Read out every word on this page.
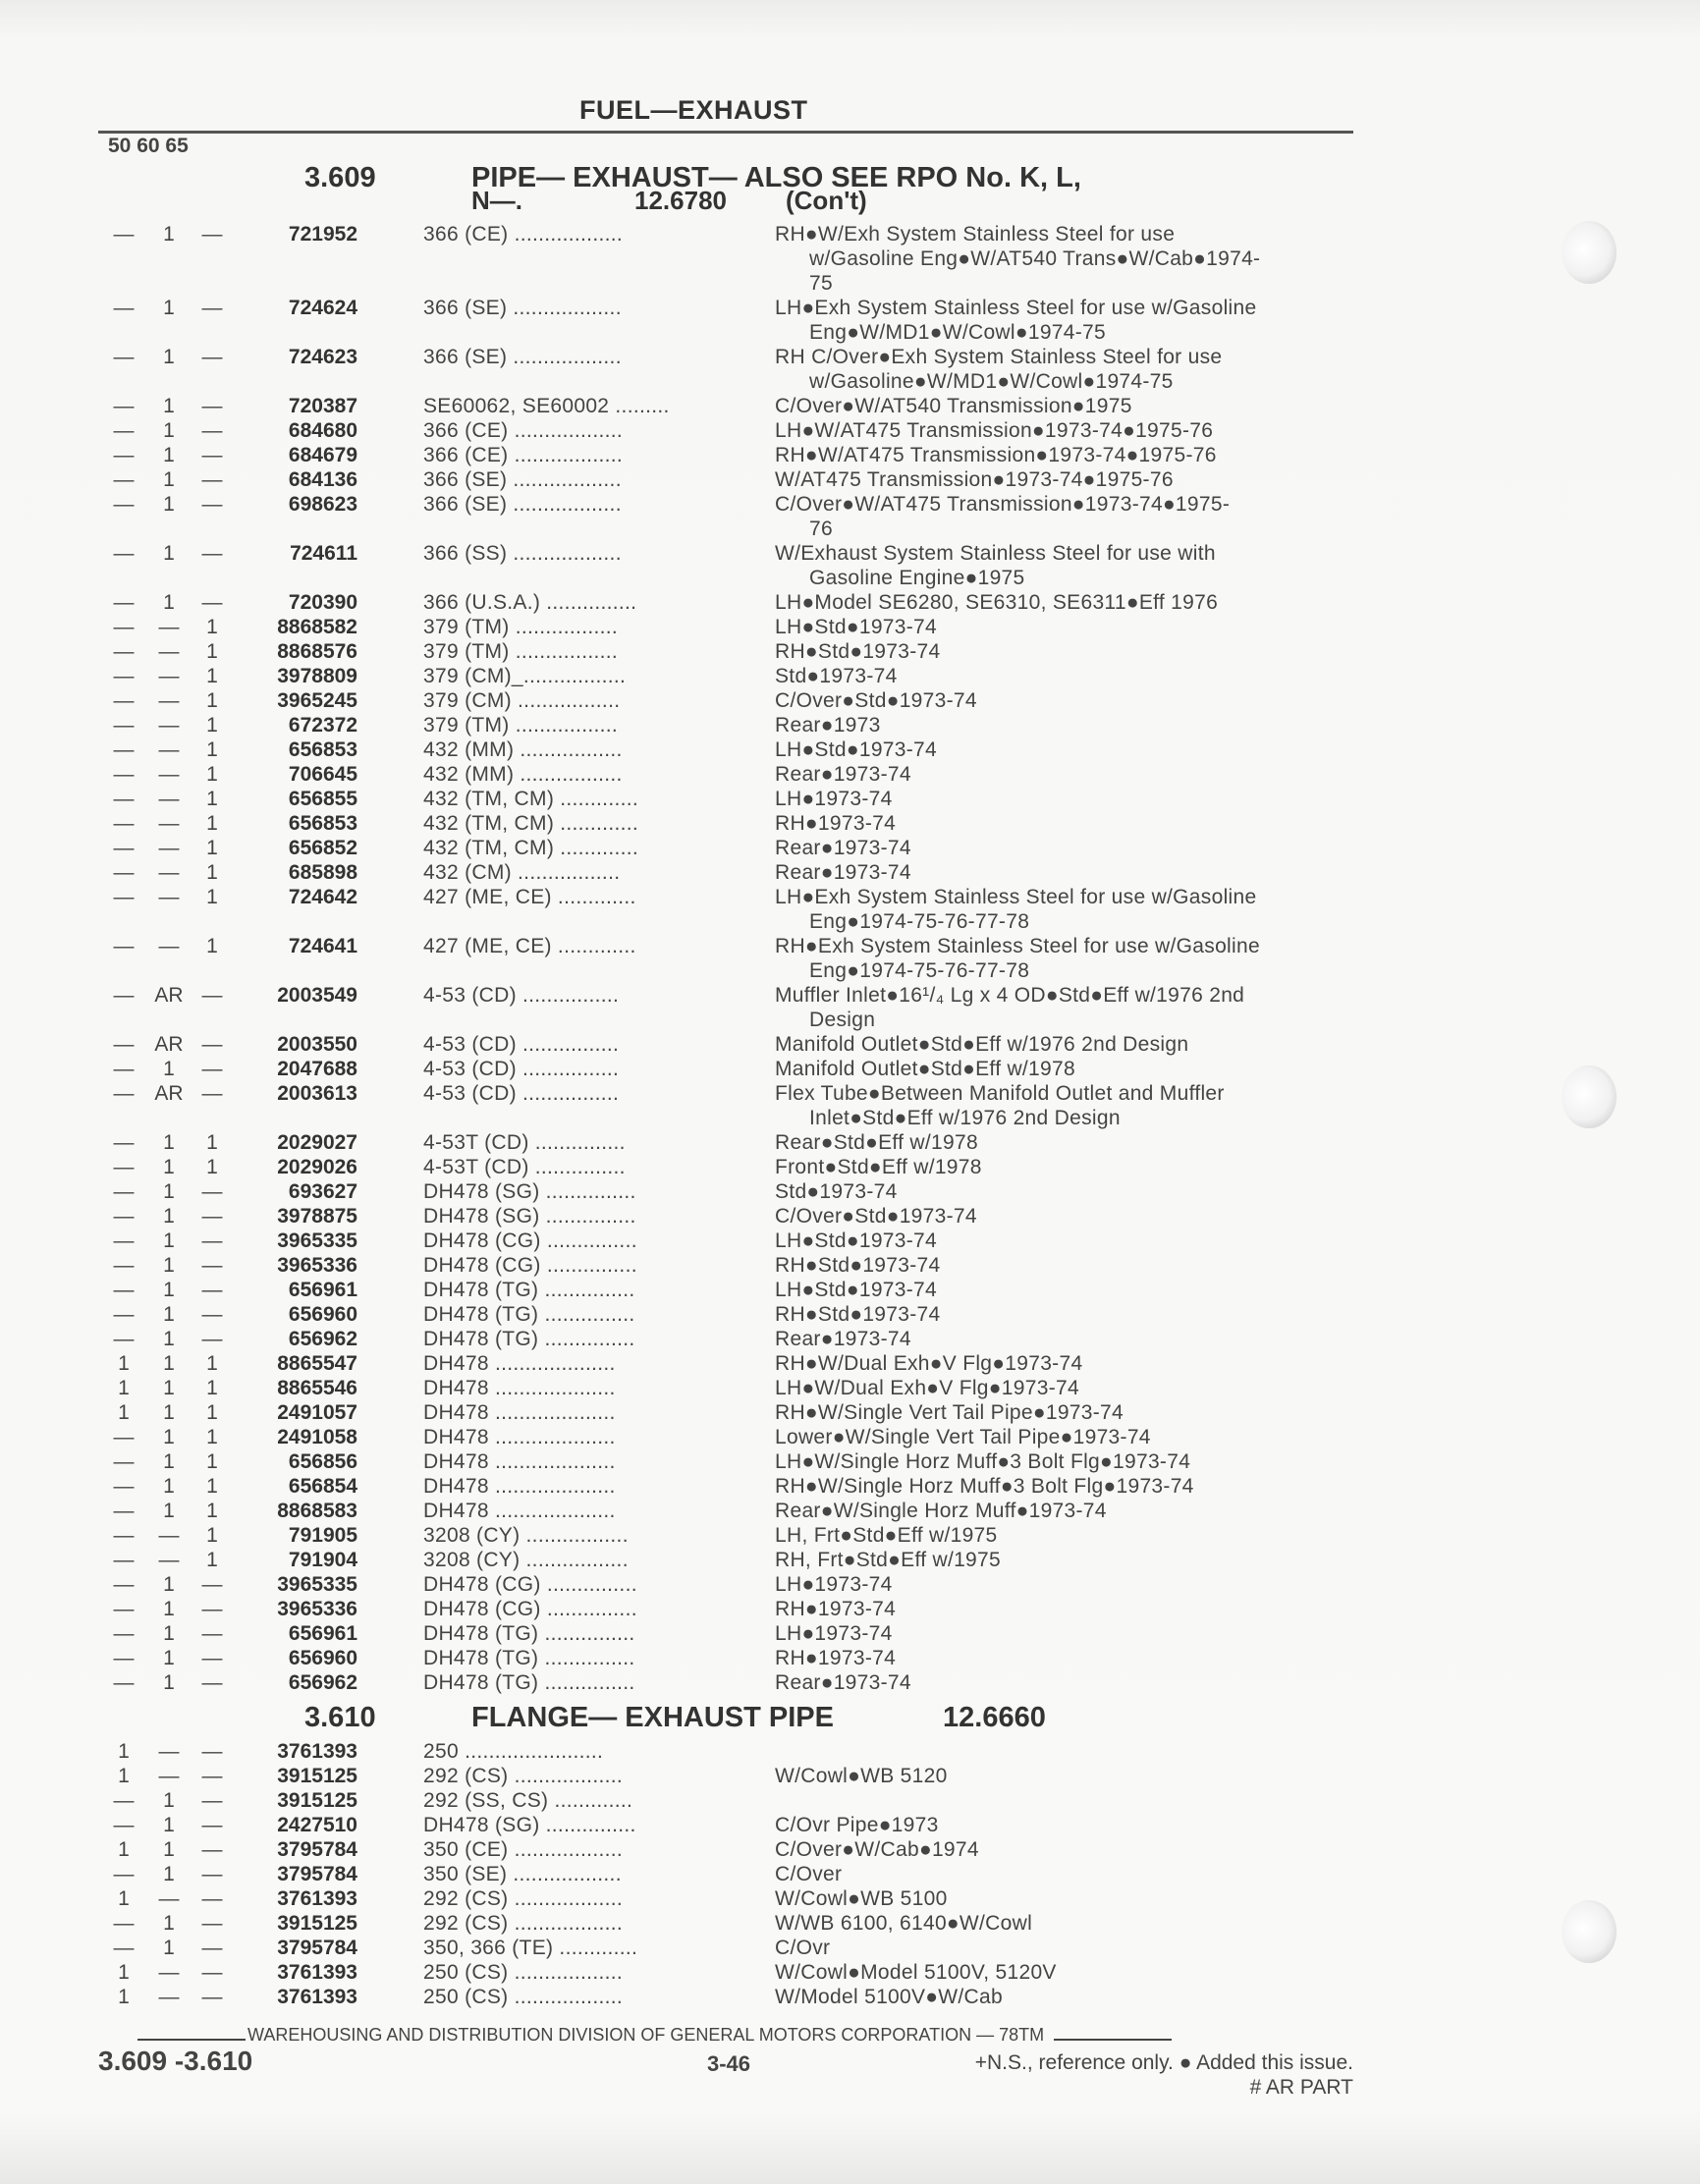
FUEL—EXHAUST
50 60 65
3.609	PIPE— EXHAUST— ALSO SEE RPO No. K, L,
N—.	12.6780 (Con't)
3.610	FLANGE— EXHAUST PIPE	12.6660
—	1	—	721952	366 (CE) ..................	RH●W/Exh System Stainless Steel for use
w/Gasoline Eng●W/AT540 Trans●W/Cab●1974-
75
—	1	—	724624	366 (SE) ..................	LH●Exh System Stainless Steel for use w/Gasoline
Eng●W/MD1●W/Cowl●1974-75
—	1	—	724623	366 (SE) ..................	RH C/Over●Exh System Stainless Steel for use
w/Gasoline●W/MD1●W/Cowl●1974-75
—	1	—	720387	SE60062, SE60002 .........	C/Over●W/AT540 Transmission●1975
—	1	—	684680	366 (CE) ..................	LH●W/AT475 Transmission●1973-74●1975-76
—	1	—	684679	366 (CE) ..................	RH●W/AT475 Transmission●1973-74●1975-76
—	1	—	684136	366 (SE) ..................	W/AT475 Transmission●1973-74●1975-76
—	1	—	698623	366 (SE) ..................	C/Over●W/AT475 Transmission●1973-74●1975-
76
—	1	—	724611	366 (SS) ..................	W/Exhaust System Stainless Steel for use with
Gasoline Engine●1975
—	1	—	720390	366 (U.S.A.) ...............	LH●Model SE6280, SE6310, SE6311●Eff 1976
—	—	1	8868582	379 (TM) .................	LH●Std●1973-74
—	—	1	8868576	379 (TM) .................	RH●Std●1973-74
—	—	1	3978809	379 (CM)_.................	Std●1973-74
—	—	1	3965245	379 (CM) .................	C/Over●Std●1973-74
—	—	1	672372	379 (TM) .................	Rear●1973
—	—	1	656853	432 (MM) .................	LH●Std●1973-74
—	—	1	706645	432 (MM) .................	Rear●1973-74
—	—	1	656855	432 (TM, CM) .............	LH●1973-74
—	—	1	656853	432 (TM, CM) .............	RH●1973-74
—	—	1	656852	432 (TM, CM) .............	Rear●1973-74
—	—	1	685898	432 (CM) .................	Rear●1973-74
—	—	1	724642	427 (ME, CE) .............	LH●Exh System Stainless Steel for use w/Gasoline
Eng●1974-75-76-77-78
—	—	1	724641	427 (ME, CE) .............	RH●Exh System Stainless Steel for use w/Gasoline
Eng●1974-75-76-77-78
— AR —	2003549	4-53 (CD) ................	Muffler Inlet●16¹/₄ Lg x 4 OD●Std●Eff w/1976 2nd
Design
— AR —	2003550	4-53 (CD) ................	Manifold Outlet●Std●Eff w/1976 2nd Design
—	1	—	2047688	4-53 (CD) ................	Manifold Outlet●Std●Eff w/1978
— AR —	2003613	4-53 (CD) ................	Flex Tube●Between Manifold Outlet and Muffler
Inlet●Std●Eff w/1976 2nd Design
—	1	1	2029027	4-53T (CD) ...............	Rear●Std●Eff w/1978
—	1	1	2029026	4-53T (CD) ...............	Front●Std●Eff w/1978
—	1	—	693627	DH478 (SG) ...............	Std●1973-74
—	1	—	3978875	DH478 (SG) ...............	C/Over●Std●1973-74
—	1	—	3965335	DH478 (CG) ...............	LH●Std●1973-74
—	1	—	3965336	DH478 (CG) ...............	RH●Std●1973-74
—	1	—	656961	DH478 (TG) ...............	LH●Std●1973-74
—	1	—	656960	DH478 (TG) ...............	RH●Std●1973-74
—	1	—	656962	DH478 (TG) ...............	Rear●1973-74
1	1	1	8865547	DH478 ....................	RH●W/Dual Exh●V Flg●1973-74
1	1	1	8865546	DH478 ....................	LH●W/Dual Exh●V Flg●1973-74
1	1	1	2491057	DH478 ....................	RH●W/Single Vert Tail Pipe●1973-74
—	1	1	2491058	DH478 ....................	Lower●W/Single Vert Tail Pipe●1973-74
—	1	1	656856	DH478 ....................	LH●W/Single Horz Muff●3 Bolt Flg●1973-74
—	1	1	656854	DH478 ....................	RH●W/Single Horz Muff●3 Bolt Flg●1973-74
—	1	1	8868583	DH478 ....................	Rear●W/Single Horz Muff●1973-74
—	—	1	791905	3208 (CY) .................	LH, Frt●Std●Eff w/1975
—	—	1	791904	3208 (CY) .................	RH, Frt●Std●Eff w/1975
—	1	—	3965335	DH478 (CG) ...............	LH●1973-74
—	1	—	3965336	DH478 (CG) ...............	RH●1973-74
—	1	—	656961	DH478 (TG) ...............	LH●1973-74
—	1	—	656960	DH478 (TG) ...............	RH●1973-74
—	1	—	656962	DH478 (TG) ...............	Rear●1973-74
1	—	—	3761393	250 .......................
1	—	—	3915125	292 (CS) ..................	W/Cowl●WB 5120
—	1	—	3915125	292 (SS, CS) .............
—	1	—	2427510	DH478 (SG) ...............	C/Ovr Pipe●1973
1	1	—	3795784	350 (CE) ..................	C/Over●W/Cab●1974
—	1	—	3795784	350 (SE) ..................	C/Over
1	—	—	3761393	292 (CS) ..................	W/Cowl●WB 5100
—	1	—	3915125	292 (CS) ..................	W/WB 6100, 6140●W/Cowl
—	1	—	3795784	350, 366 (TE) .............	C/Ovr
1	—	—	3761393	250 (CS) ..................	W/Cowl●Model 5100V, 5120V
1	—	—	3761393	250 (CS) ..................	W/Model 5100V●W/Cab
WAREHOUSING AND DISTRIBUTION DIVISION OF GENERAL MOTORS CORPORATION — 78TM
3.609 -3.610	3-46	+N.S., reference only. ● Added this issue.
# AR PART
